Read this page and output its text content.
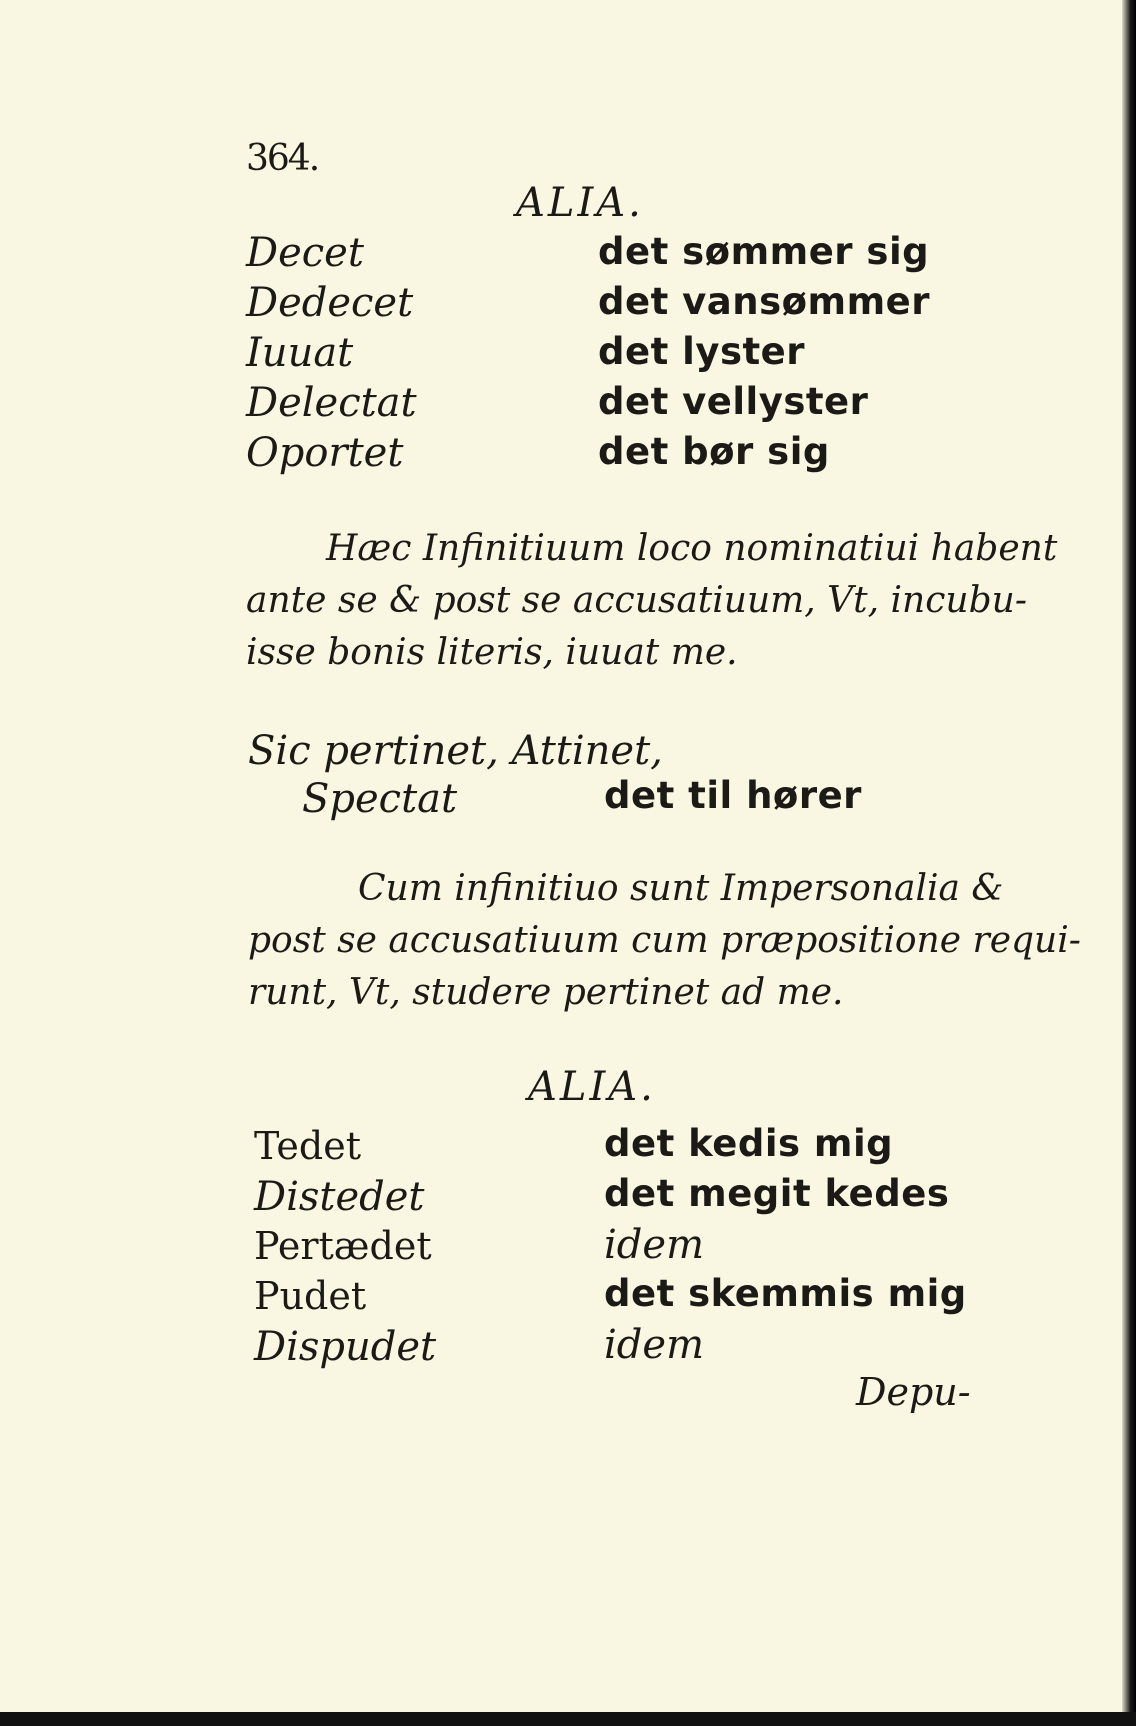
364.
ALIA.
Decet	det sømmer sig
Dedecet	det vansømmer
Iuuat	det lyster
Delectat	det vellyster
Oportet	det bør sig
Hæc Infinitiuum loco nominatiui habent
ante se & post se accusatiuum, Vt, incubu-
isse bonis literis, iuuat me.
Sic pertinet, Attinet,
Spectat	det til hører
Cum infinitiuo sunt Impersonalia &
post se accusatiuum cum præpositione requi-
runt, Vt, studere pertinet ad me.
ALIA.
Tedet	det kedis mig
Distedet	det megit kedes
Pertædet	idem
Pudet	det skemmis mig
Dispudet	idem
Depu-
